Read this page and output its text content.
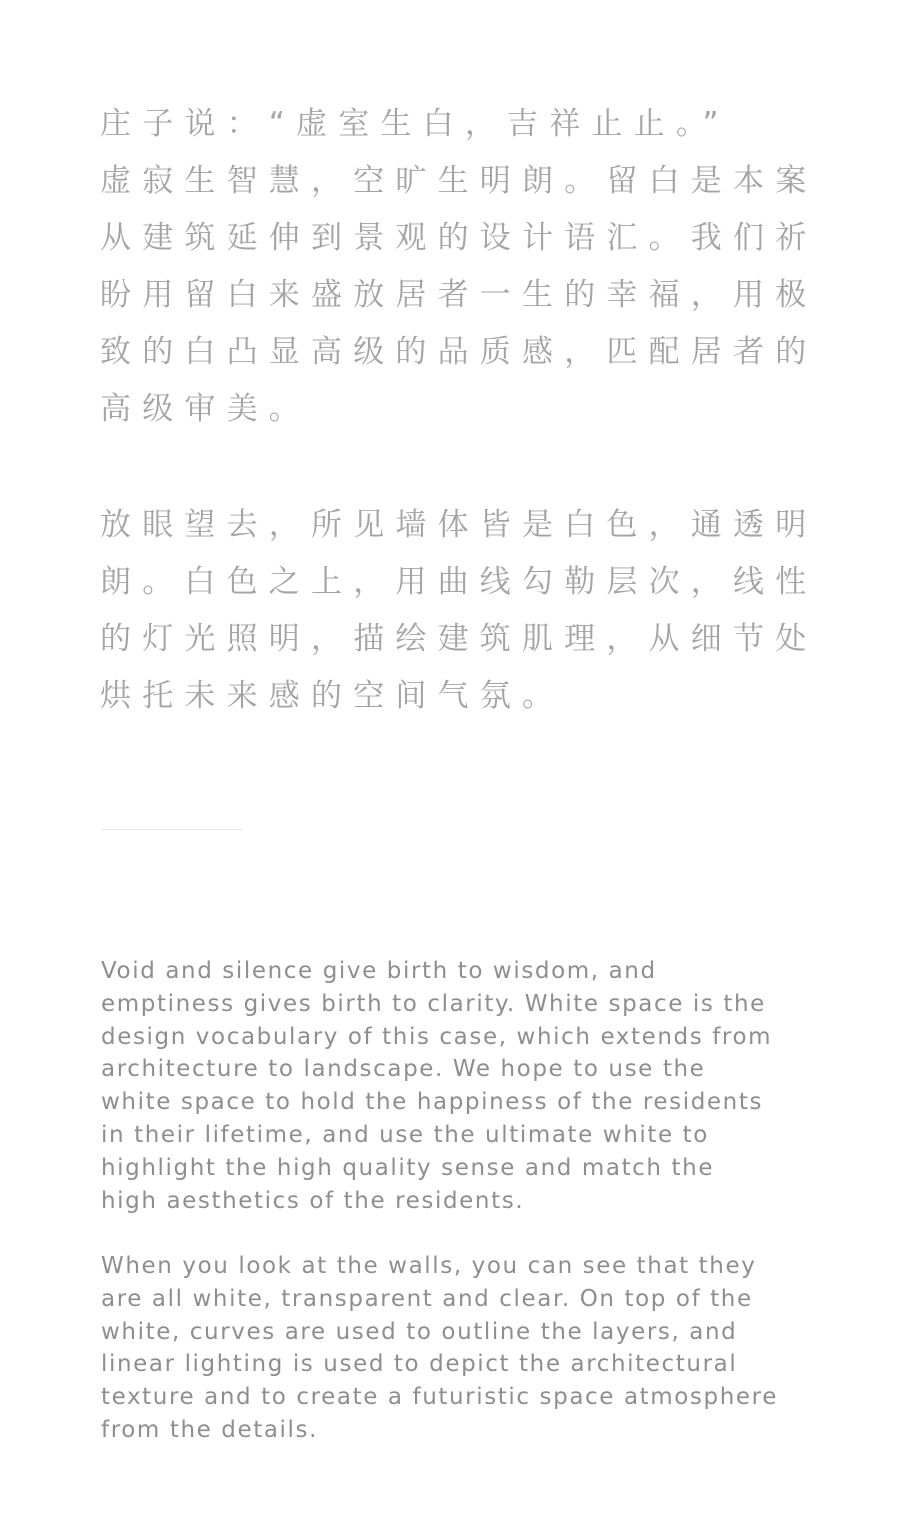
庄子说：“虚室生白，吉祥止止。”
虚寂生智慧，空旷生明朗。留白是本案
从建筑延伸到景观的设计语汇。我们祈
盼用留白来盛放居者一生的幸福，用极
致的白凸显高级的品质感，匹配居者的
高级审美。
放眼望去，所见墙体皆是白色，通透明
朗。白色之上，用曲线勾勒层次，线性
的灯光照明，描绘建筑肌理，从细节处
烘托未来感的空间气氛。
Void and silence give birth to wisdom, and
emptiness gives birth to clarity. White space is the
design vocabulary of this case, which extends from
architecture to landscape. We hope to use the
white space to hold the happiness of the residents
in their lifetime, and use the ultimate white to
highlight the high quality sense and match the
high aesthetics of the residents.
When you look at the walls, you can see that they
are all white, transparent and clear. On top of the
white, curves are used to outline the layers, and
linear lighting is used to depict the architectural
texture and to create a futuristic space atmosphere
from the details.
